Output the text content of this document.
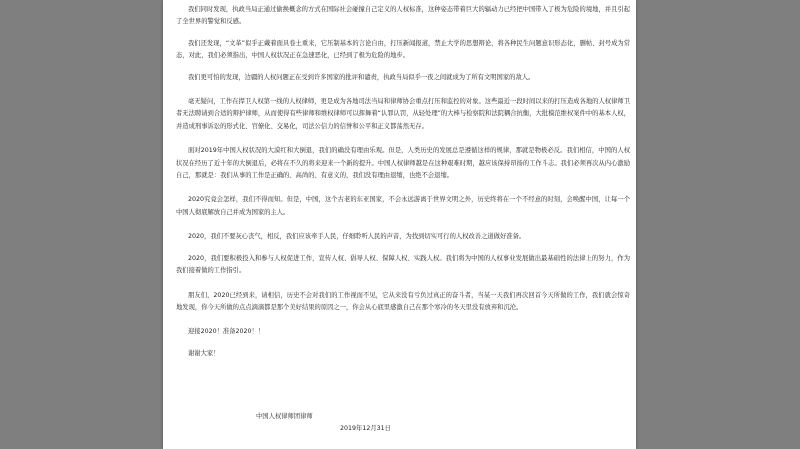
我们同时发现，执政当局正通过偷换概念的方式在国际社会碰撞自己定义的人权标准，这种姿态带着巨大的辐动力已经把中国带入了极为危险的境地，并且引起了全世界的警觉和反感。

我们还发现，“文革”似乎正戴着面具卷土重来，它压制基本的言论自由，打压新闻报道，禁止大学的思想辩论，将各种民生问题意识形态化，删帖、封号成为常态，对此，我们必须指出，中国人权状况正在急速恶化，已经到了极为危险的地步。

我们更可怕的发现，边疆的人权问题正在受到许多国家的批评和谴责，执政当局似乎一夜之间就成为了所有文明国家的敌人。

毫无疑问，工作在捍卫人权第一线的人权律师，更是成为各地司法当局和律师协会重点打压和监控的对象。这些最近一段时间以来的打压造成各地的人权律师卫者无法聘请到合适的辩护律师，从而使得有些律师和维权律师可以挥舞着“认罪认罚，从轻处理”的大棒与检察院和法院耦合抗衡，大批模范维权案件中的基本人权，并造成刑事诉讼的形式化、官僚化、交易化，司法公信力的信誉和公平和正义都荡然无存。

面对2019年中国人权状况的大漠红和大倒退，我们的确没有理由乐观。但是，人类历史的发展总是遵循这样的规律，那就是物极必反。我们相信，中国的人权状况在经历了近十年的大倒退后，必将在不久的将来迎来一个新的提升。中国人权律师越是在这种艰难时期，越应该保持昂扬的工作斗志。我们必须再次从内心激励自己，那就是：我们从事的工作是正确的、高尚的、有意义的，我们没有理由退缩，也绝不会退缩。

2020究竟会怎样，我们不得而知。但是，中国，这个古老的东亚国家，不会永远游离于世界文明之外，历史终将在一个不经意的时刻，会唤醒中国，让每一个中国人彻底解放自己并成为国家的主人。

2020，我们不要灰心丧气，相反，我们应该牵手人民，仔细聆听人民的声音，为找到切实可行的人权改善之道做好准备。

2020，我们要积极投入和参与人权促进工作，宣传人权、倡导人权、保障人权、实践人权。我们将为中国的人权事业发展做出最基础性的法律上的努力，作为我们接着做的工作指引。

朋友们，2020已经到来，请相信，历史不会对我们的工作视而不见，它从来没有亏负过真正的奋斗者，当某一天我们再次回首今天所做的工作，我们就会惊奇地发现，你今天所做的点点滴滴都是那个美好结果的原因之一，你会从心底里感激自己在那个寒冷的冬天里没有放弃和沉沦。

迎接2020！准备2020！！

谢谢大家！

中国人权律师团律师
2019年12月31日
